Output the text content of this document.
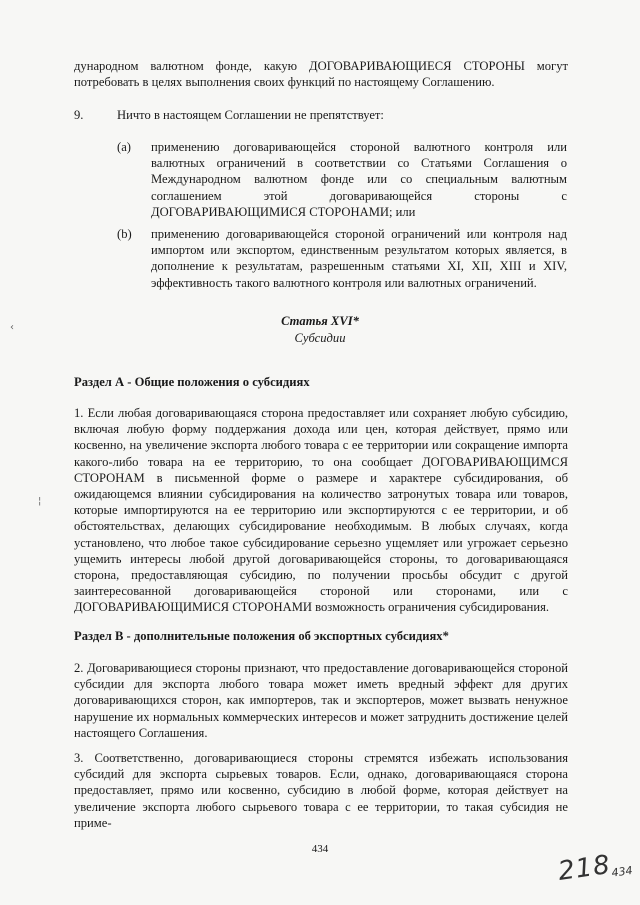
дународном валютном фонде, какую ДОГОВАРИВАЮЩИЕСЯ СТОРОНЫ могут потребовать в целях выполнения своих функций по настоящему Соглашению.

9.	Ничто в настоящем Соглашении не препятствует:

(a) применению договаривающейся стороной валютного контроля или валютных ограничений в соответствии со Статьями Соглашения о Международном валютном фонде или со специальным валютным соглашением этой договаривающейся стороны с ДОГОВАРИВАЮЩИМИСЯ СТОРОНАМИ; или

(b) применению договаривающейся стороной ограничений или контроля над импортом или экспортом, единственным результатом которых является, в дополнение к результатам, разрешенным статьями XI, XII, XIII и XIV, эффективность такого валютного контроля или валютных ограничений.

Статья XVI*

Субсидии

Раздел А - Общие положения о субсидиях

1. Если любая договаривающаяся сторона предоставляет или сохраняет любую субсидию, включая любую форму поддержания дохода или цен, которая действует, прямо или косвенно, на увеличение экспорта любого товара с ее территории или сокращение импорта какого-либо товара на ее территорию, то она сообщает ДОГОВАРИВАЮЩИМСЯ СТОРОНАМ в письменной форме о размере и характере субсидирования, об ожидающемся влиянии субсидирования на количество затронутых товара или товаров, которые импортируются на ее территорию или экспортируются с ее территории, и об обстоятельствах, делающих субсидирование необходимым. В любых случаях, когда установлено, что любое такое субсидирование серьезно ущемляет или угрожает серьезно ущемить интересы любой другой договаривающейся стороны, то договаривающаяся сторона, предоставляющая субсидию, по получении просьбы обсудит с другой заинтересованной договаривающейся стороной или сторонами, или с ДОГОВАРИВАЮЩИМИСЯ СТОРОНАМИ возможность ограничения субсидирования.

Раздел В - дополнительные положения об экспортных субсидиях*

2. Договаривающиеся стороны признают, что предоставление договаривающейся стороной субсидии для экспорта любого товара может иметь вредный эффект для других договаривающихся сторон, как импортеров, так и экспортеров, может вызвать ненужное нарушение их нормальных коммерческих интересов и может затруднить достижение целей настоящего Соглашения.

3. Соответственно, договаривающиеся стороны стремятся избежать использования субсидий для экспорта сырьевых товаров. Если, однако, договаривающаяся сторона предоставляет, прямо или косвенно, субсидию в любой форме, которая действует на увеличение экспорта любого сырьевого товара с ее территории, то такая субсидия не приме-

434
$218_{434}$
‹
¦
